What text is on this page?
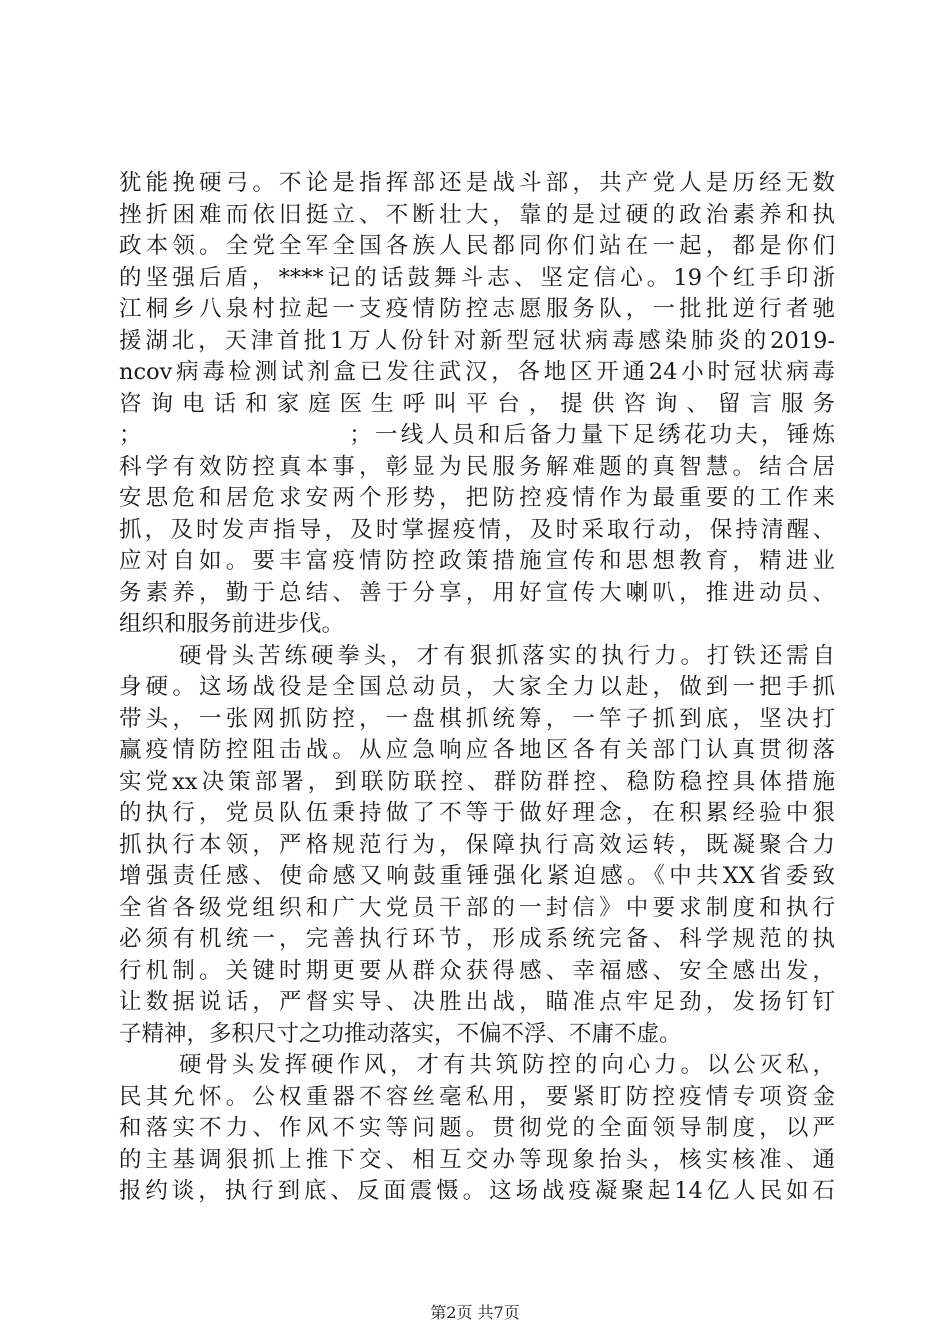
犹能挽硬弓。不论是指挥部还是战斗部，共产党人是历经无数
挫折困难而依旧挺立、不断壮大，靠的是过硬的政治素养和执
政本领。全党全军全国各族人民都同你们站在一起，都是你们
的坚强后盾，****记的话鼓舞斗志、坚定信心。19个红手印浙
江桐乡八泉村拉起一支疫情防控志愿服务队，一批批逆行者驰
援湖北，天津首批1万人份针对新型冠状病毒感染肺炎的2019-
ncov病毒检测试剂盒已发往武汉，各地区开通24小时冠状病毒
咨询电话和家庭医生呼叫平台，提供咨询、留言服务
；                    ；一线人员和后备力量下足绣花功夫，锤炼
科学有效防控真本事，彰显为民服务解难题的真智慧。结合居
安思危和居危求安两个形势，把防控疫情作为最重要的工作来
抓，及时发声指导，及时掌握疫情，及时采取行动，保持清醒、
应对自如。要丰富疫情防控政策措施宣传和思想教育，精进业
务素养，勤于总结、善于分享，用好宣传大喇叭，推进动员、
组织和服务前进步伐。
硬骨头苦练硬拳头，才有狠抓落实的执行力。打铁还需自
身硬。这场战役是全国总动员，大家全力以赴，做到一把手抓
带头，一张网抓防控，一盘棋抓统筹，一竿子抓到底，坚决打
赢疫情防控阻击战。从应急响应各地区各有关部门认真贯彻落
实党xx决策部署，到联防联控、群防群控、稳防稳控具体措施
的执行，党员队伍秉持做了不等于做好理念，在积累经验中狠
抓执行本领，严格规范行为，保障执行高效运转，既凝聚合力
增强责任感、使命感又响鼓重锤强化紧迫感。《中共XX省委致
全省各级党组织和广大党员干部的一封信》中要求制度和执行
必须有机统一，完善执行环节，形成系统完备、科学规范的执
行机制。关键时期更要从群众获得感、幸福感、安全感出发，
让数据说话，严督实导、决胜出战，瞄准点牢足劲，发扬钉钉
子精神，多积尺寸之功推动落实，不偏不浮、不庸不虚。
硬骨头发挥硬作风，才有共筑防控的向心力。以公灭私，
民其允怀。公权重器不容丝毫私用，要紧盯防控疫情专项资金
和落实不力、作风不实等问题。贯彻党的全面领导制度，以严
的主基调狠抓上推下交、相互交办等现象抬头，核实核准、通
报约谈，执行到底、反面震慑。这场战疫凝聚起14亿人民如石
第2页 共7页
